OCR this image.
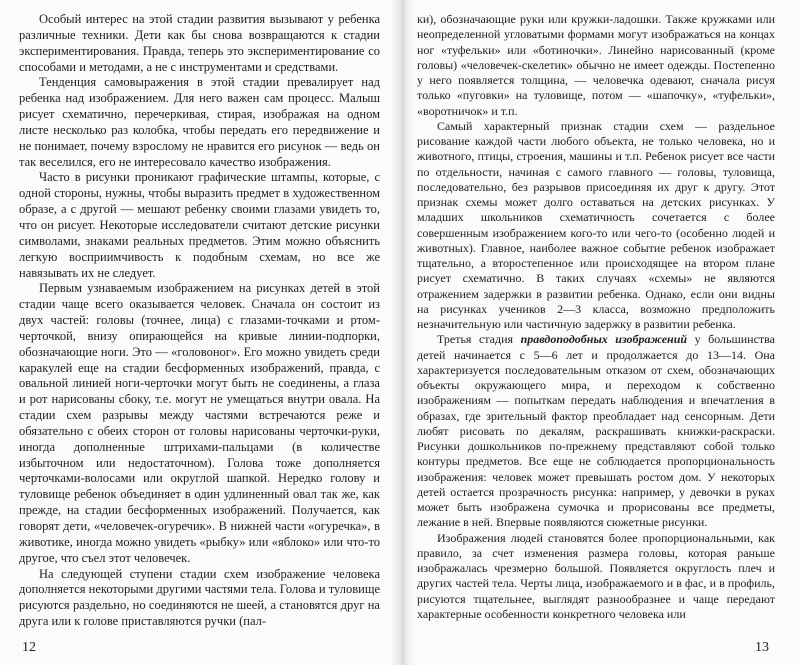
Особый интерес на этой стадии развития вызывают у ребенка различные техники. Дети как бы снова возвращаются к стадии экспериментирования. Правда, теперь это экспериментирование со способами и методами, а не с инструментами и средствами.

Тенденция самовыражения в этой стадии превалирует над ребенка над изображением. Для него важен сам процесс. Малыш рисует схематично, перечеркивая, стирая, изображая на одном листе несколько раз колобка, чтобы передать его передвижение и не понимает, почему взрослому не нравится его рисунок — ведь он так веселился, его не интересовало качество изображения.

Часто в рисунки проникают графические штампы, которые, с одной стороны, нужны, чтобы выразить предмет в художественном образе, а с другой — мешают ребенку своими глазами увидеть то, что он рисует. Некоторые исследователи считают детские рисунки символами, знаками реальных предметов. Этим можно объяснить легкую восприимчивость к подобным схемам, но все же навязывать их не следует.

Первым узнаваемым изображением на рисунках детей в этой стадии чаще всего оказывается человек. Сначала он состоит из двух частей: головы (точнее, лица) с глазами-точками и ртом-черточкой, внизу опирающейся на кривые линии-подпорки, обозначающие ноги. Это — «головоног». Его можно увидеть среди каракулей еще на стадии бесформенных изображений, правда, с овальной линией ноги-черточки могут быть не соединены, а глаза и рот нарисованы сбоку, т.е. могут не умещаться внутри овала. На стадии схем разрывы между частями встречаются реже и обязательно с обеих сторон от головы нарисованы черточки-руки, иногда дополненные штрихами-пальцами (в количестве избыточном или недостаточном). Голова тоже дополняется черточками-волосами или округлой шапкой. Нередко голову и туловище ребенок объединяет в один удлиненный овал так же, как прежде, на стадии бесформенных изображений. Получается, как говорят дети, «человечек-огуречик». В нижней части «огуречка», в животике, иногда можно увидеть «рыбку» или «яблоко» или что-то другое, что съел этот человечек.

На следующей ступени стадии схем изображение человека дополняется некоторыми другими частями тела. Голова и туловище рисуются раздельно, но соединяются не шеей, а становятся друг на друга или к голове приставляются ручки (пал-

12

ки), обозначающие руки или кружки-ладошки. Также кружками или неопределенной угловатыми формами могут изображаться на концах ног «туфельки» или «ботиночки». Линейно нарисованный (кроме головы) «человечек-скелетик» обычно не имеет одежды. Постепенно у него появляется толщина, — человечка одевают, сначала рисуя только «пуговки» на туловище, потом — «шапочку», «туфельки», «воротничок» и т.п.

Самый характерный признак стадии схем — раздельное рисование каждой части любого объекта, не только человека, но и животного, птицы, строения, машины и т.п. Ребенок рисует все части по отдельности, начиная с самого главного — головы, туловища, последовательно, без разрывов присоединяя их друг к другу. Этот признак схемы может долго оставаться на детских рисунках. У младших школьников схематичность сочетается с более совершенным изображением кого-то или чего-то (особенно людей и животных). Главное, наиболее важное событие ребенок изображает тщательно, а второстепенное или происходящее на втором плане рисует схематично. В таких случаях «схемы» не являются отражением задержки в развитии ребенка. Однако, если они видны на рисунках учеников 2—3 класса, возможно предположить незначительную или частичную задержку в развитии ребенка.

Третья стадия правдоподобных изображений у большинства детей начинается с 5—6 лет и продолжается до 13—14. Она характеризуется последовательным отказом от схем, обозначающих объекты окружающего мира, и переходом к собственно изображениям — попыткам передать наблюдения и впечатления в образах, где зрительный фактор преобладает над сенсорным. Дети любят рисовать по декалям, раскрашивать книжки-раскраски. Рисунки дошкольников по-прежнему представляют собой только контуры предметов. Все еще не соблюдается пропорциональность изображения: человек может превышать ростом дом. У некоторых детей остается прозрачность рисунка: например, у девочки в руках может быть изображена сумочка и прорисованы все предметы, лежание в ней. Впервые появляются сюжетные рисунки.

Изображения людей становятся более пропорциональными, как правило, за счет изменения размера головы, которая раньше изображалась чрезмерно большой. Появляется округлость плеч и других частей тела. Черты лица, изображаемого и в фас, и в профиль, рисуются тщательнее, выглядят разнообразнее и чаще передают характерные особенности конкретного человека или

13
